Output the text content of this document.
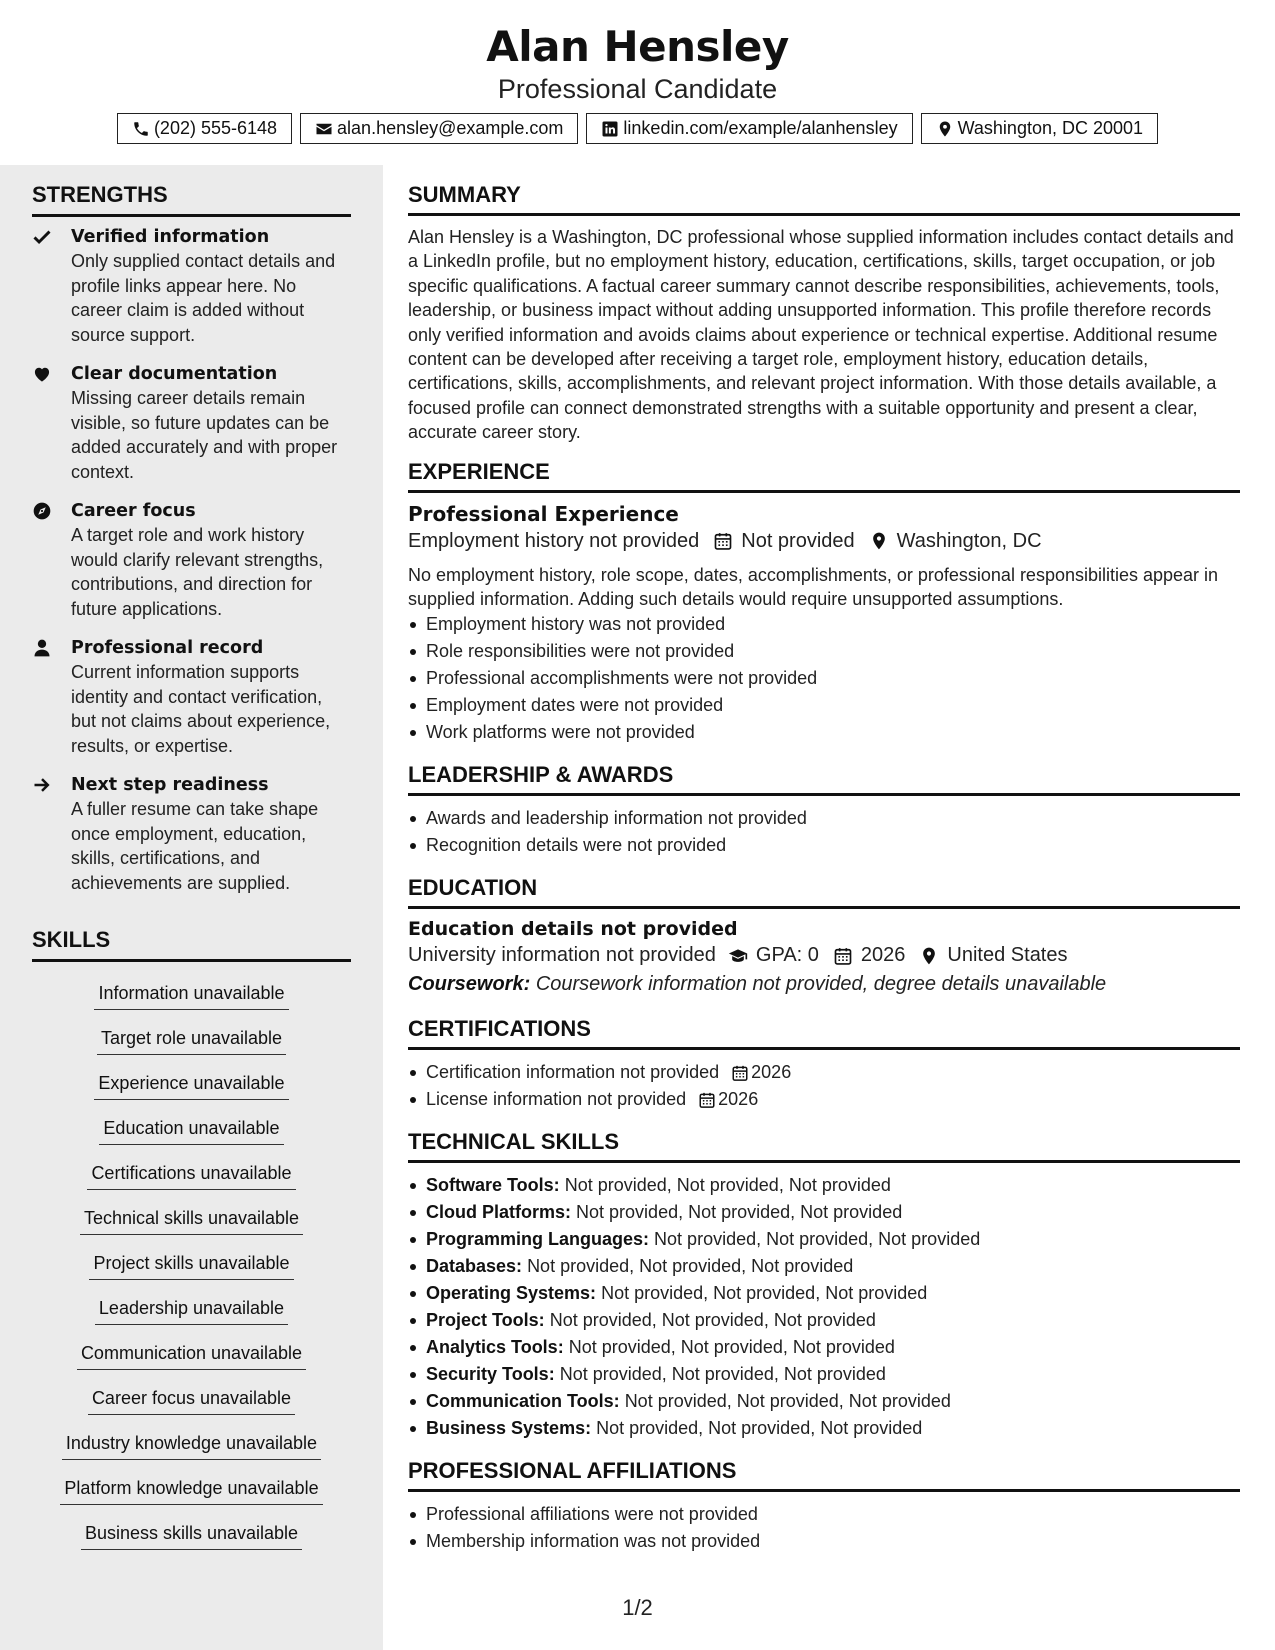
Alan Hensley
Professional Candidate
(202) 555-6148	alan.hensley@example.com	linkedin.com/example/alanhensley	Washington, DC 20001
STRENGTHS
Verified information
Only supplied contact details and profile links appear here. No career claim is added without source support.
Clear documentation
Missing career details remain visible, so future updates can be added accurately and with proper context.
Career focus
A target role and work history would clarify relevant strengths, contributions, and direction for future applications.
Professional record
Current information supports identity and contact verification, but not claims about experience, results, or expertise.
Next step readiness
A fuller resume can take shape once employment, education, skills, certifications, and achievements are supplied.
SKILLS
Information unavailable
Target role unavailable
Experience unavailable
Education unavailable
Certifications unavailable
Technical skills unavailable
Project skills unavailable
Leadership unavailable
Communication unavailable
Career focus unavailable
Industry knowledge unavailable
Platform knowledge unavailable
Business skills unavailable
SUMMARY

Alan Hensley is a Washington, DC professional whose supplied information includes contact details and a LinkedIn profile, but no employment history, education, certifications, skills, target occupation, or job specific qualifications. A factual career summary cannot describe responsibilities, achievements, tools, leadership, or business impact without adding unsupported information. This profile therefore records only verified information and avoids claims about experience or technical expertise. Additional resume content can be developed after receiving a target role, employment history, education details, certifications, skills, accomplishments, and relevant project information. With those details available, a focused profile can connect demonstrated strengths with a suitable opportunity and present a clear, accurate career story.

EXPERIENCE
Professional Experience
Employment history not provided Not provided Washington, DC

No employment history, role scope, dates, accomplishments, or professional responsibilities appear in supplied information. Adding such details would require unsupported assumptions.

Employment history was not provided
Role responsibilities were not provided
Professional accomplishments were not provided
Employment dates were not provided
Work platforms were not provided
LEADERSHIP & AWARDS
Awards and leadership information not provided
Recognition details were not provided
EDUCATION
Education details not provided
University information not provided GPA: 0 2026 United States
Coursework: Coursework information not provided, degree details unavailable
CERTIFICATIONS
Certification information not provided 2026
License information not provided 2026
TECHNICAL SKILLS
Software Tools: Not provided, Not provided, Not provided
Cloud Platforms: Not provided, Not provided, Not provided
Programming Languages: Not provided, Not provided, Not provided
Databases: Not provided, Not provided, Not provided
Operating Systems: Not provided, Not provided, Not provided
Project Tools: Not provided, Not provided, Not provided
Analytics Tools: Not provided, Not provided, Not provided
Security Tools: Not provided, Not provided, Not provided
Communication Tools: Not provided, Not provided, Not provided
Business Systems: Not provided, Not provided, Not provided
PROFESSIONAL AFFILIATIONS
Professional affiliations were not provided
Membership information was not provided
1/2
